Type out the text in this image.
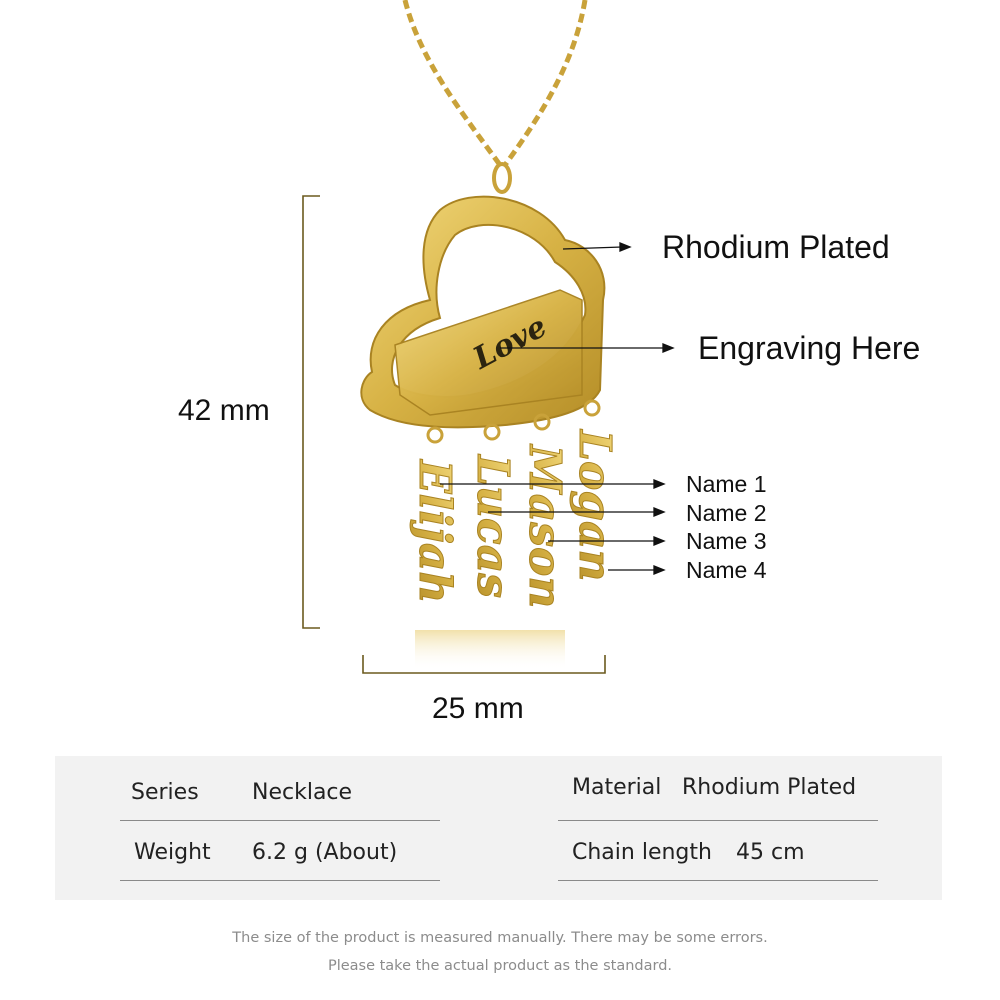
Love
Elijah Lucas Mason Logan
Rhodium Plated
Engraving Here
Name 1
Name 2
Name 3
Name 4
42 mm
25 mm
Series Necklace
Weight 6.2 g (About)
Material Rhodium Plated
Chain length 45 cm
The size of the product is measured manually. There may be some errors.
Please take the actual product as the standard.
